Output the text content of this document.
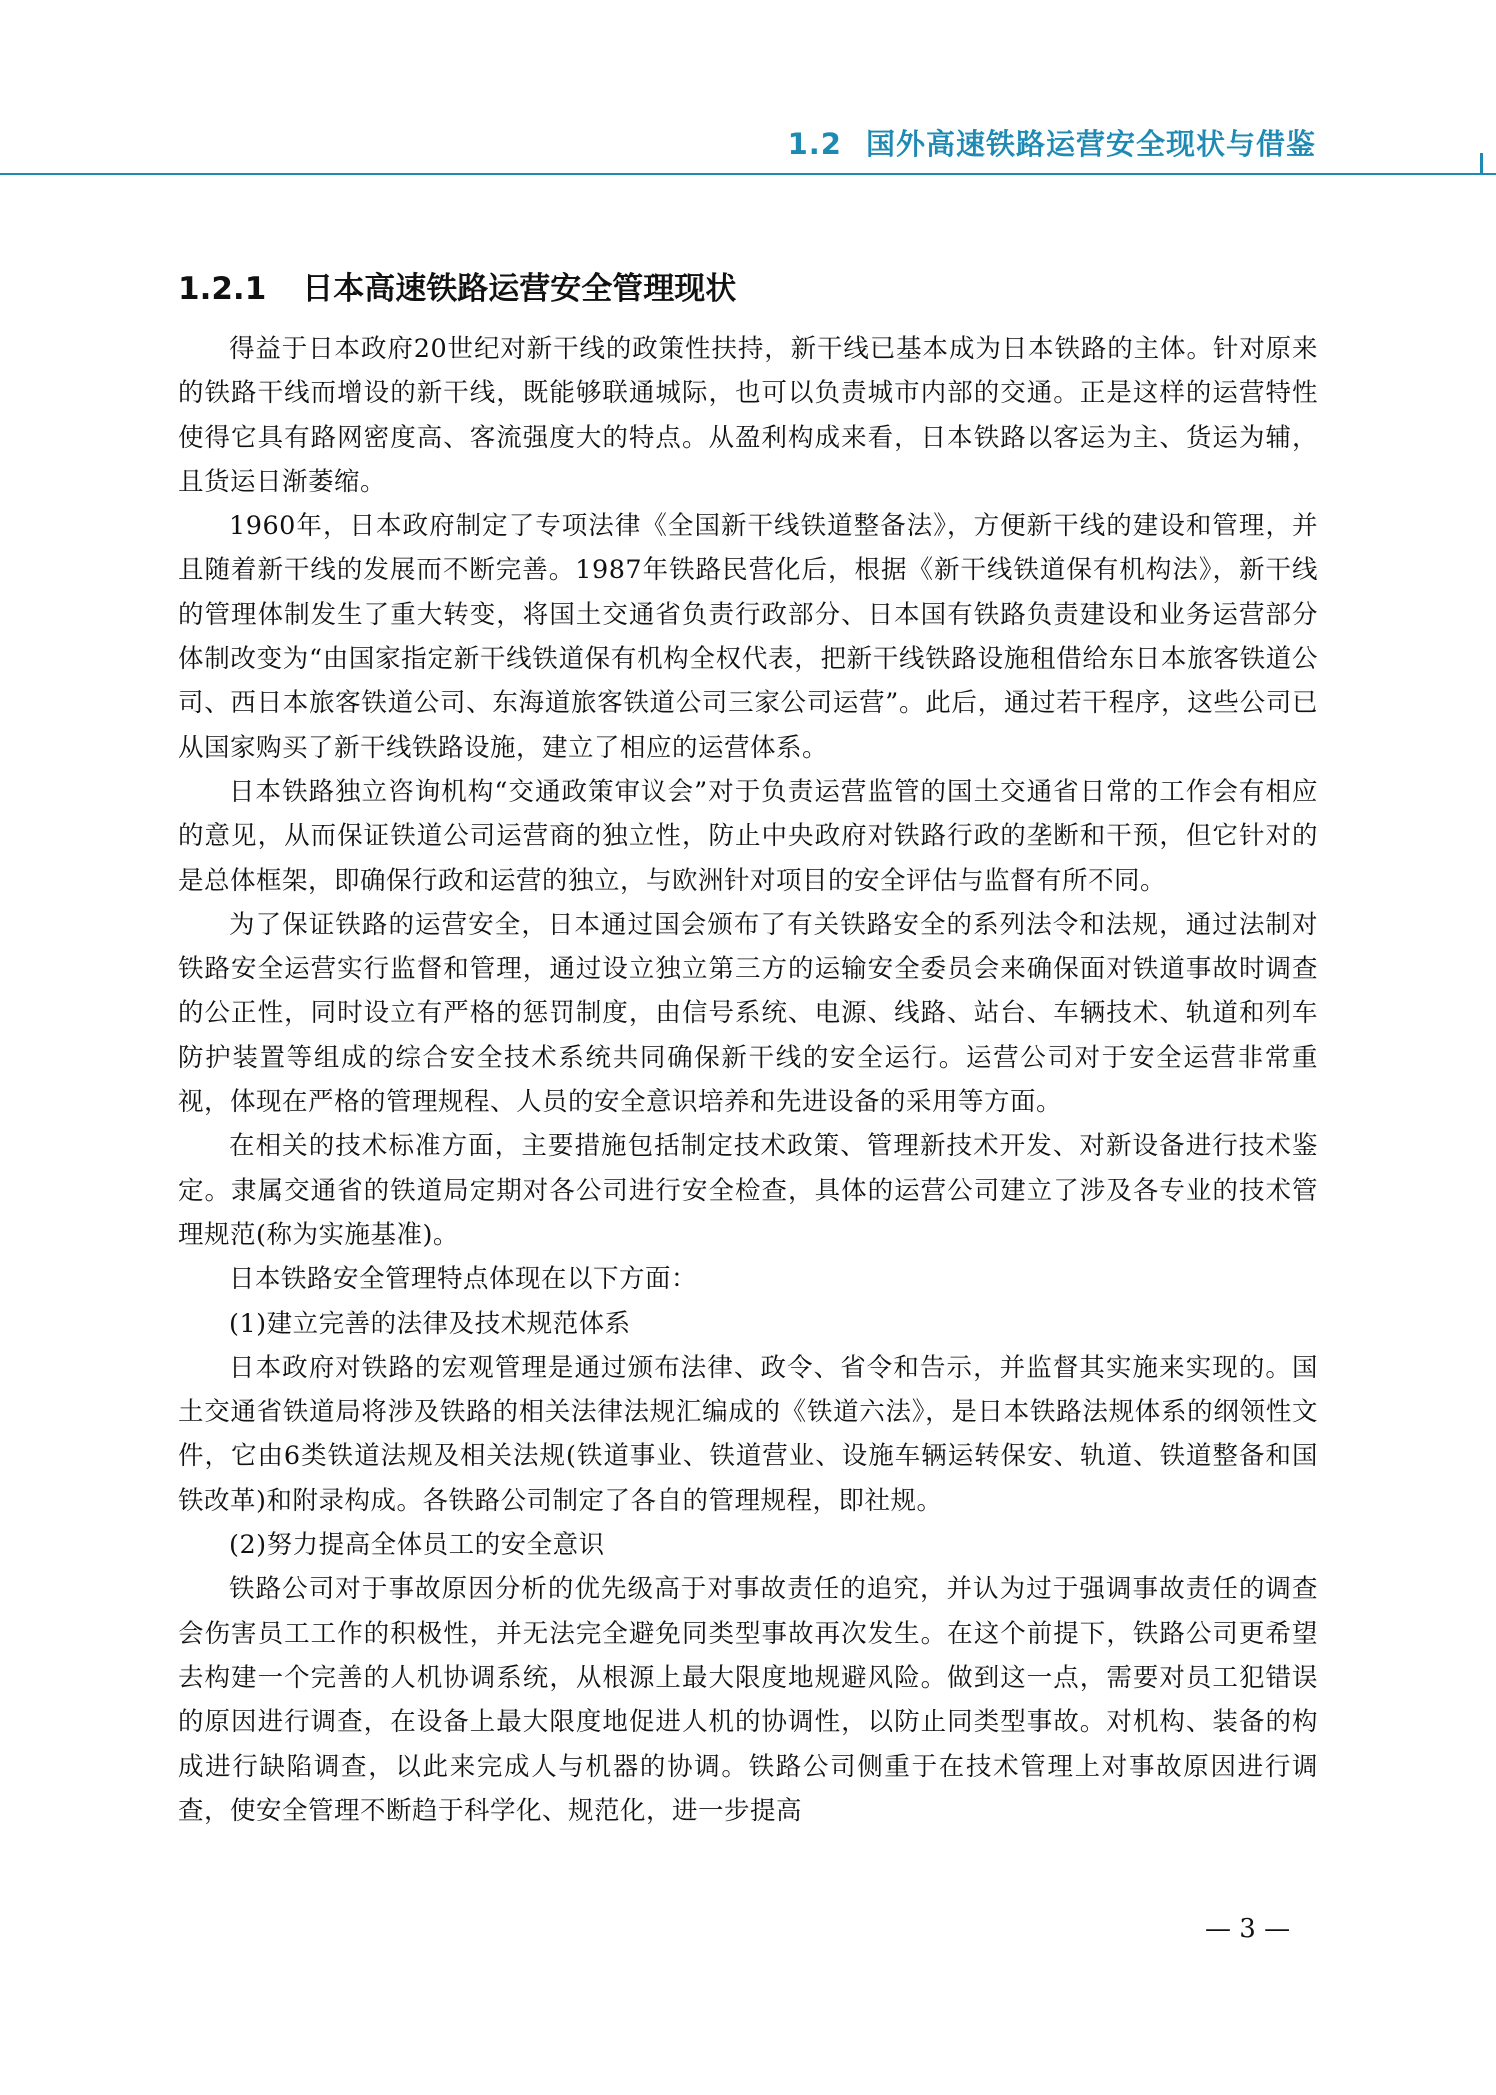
1.2 国外高速铁路运营安全现状与借鉴
1.2.1 日本高速铁路运营安全管理现状

得益于日本政府20世纪对新干线的政策性扶持，新干线已基本成为日本铁路的主体。针对原来的铁路干线而增设的新干线，既能够联通城际，也可以负责城市内部的交通。正是这样的运营特性使得它具有路网密度高、客流强度大的特点。从盈利构成来看，日本铁路以客运为主、货运为辅，且货运日渐萎缩。

1960年，日本政府制定了专项法律《全国新干线铁道整备法》，方便新干线的建设和管理，并且随着新干线的发展而不断完善。1987年铁路民营化后，根据《新干线铁道保有机构法》，新干线的管理体制发生了重大转变，将国土交通省负责行政部分、日本国有铁路负责建设和业务运营部分体制改变为“由国家指定新干线铁道保有机构全权代表，把新干线铁路设施租借给东日本旅客铁道公司、西日本旅客铁道公司、东海道旅客铁道公司三家公司运营”。此后，通过若干程序，这些公司已从国家购买了新干线铁路设施，建立了相应的运营体系。

日本铁路独立咨询机构“交通政策审议会”对于负责运营监管的国土交通省日常的工作会有相应的意见，从而保证铁道公司运营商的独立性，防止中央政府对铁路行政的垄断和干预，但它针对的是总体框架，即确保行政和运营的独立，与欧洲针对项目的安全评估与监督有所不同。

为了保证铁路的运营安全，日本通过国会颁布了有关铁路安全的系列法令和法规，通过法制对铁路安全运营实行监督和管理，通过设立独立第三方的运输安全委员会来确保面对铁道事故时调查的公正性，同时设立有严格的惩罚制度，由信号系统、电源、线路、站台、车辆技术、轨道和列车防护装置等组成的综合安全技术系统共同确保新干线的安全运行。运营公司对于安全运营非常重视，体现在严格的管理规程、人员的安全意识培养和先进设备的采用等方面。

在相关的技术标准方面，主要措施包括制定技术政策、管理新技术开发、对新设备进行技术鉴定。隶属交通省的铁道局定期对各公司进行安全检查，具体的运营公司建立了涉及各专业的技术管理规范(称为实施基准)。

日本铁路安全管理特点体现在以下方面：

(1)建立完善的法律及技术规范体系

日本政府对铁路的宏观管理是通过颁布法律、政令、省令和告示，并监督其实施来实现的。国土交通省铁道局将涉及铁路的相关法律法规汇编成的《铁道六法》，是日本铁路法规体系的纲领性文件，它由6类铁道法规及相关法规(铁道事业、铁道营业、设施车辆运转保安、轨道、铁道整备和国铁改革)和附录构成。各铁路公司制定了各自的管理规程，即社规。

(2)努力提高全体员工的安全意识

铁路公司对于事故原因分析的优先级高于对事故责任的追究，并认为过于强调事故责任的调查会伤害员工工作的积极性，并无法完全避免同类型事故再次发生。在这个前提下，铁路公司更希望去构建一个完善的人机协调系统，从根源上最大限度地规避风险。做到这一点，需要对员工犯错误的原因进行调查，在设备上最大限度地促进人机的协调性，以防止同类型事故。对机构、装备的构成进行缺陷调查，以此来完成人与机器的协调。铁路公司侧重于在技术管理上对事故原因进行调查，使安全管理不断趋于科学化、规范化，进一步提高

— 3 —
